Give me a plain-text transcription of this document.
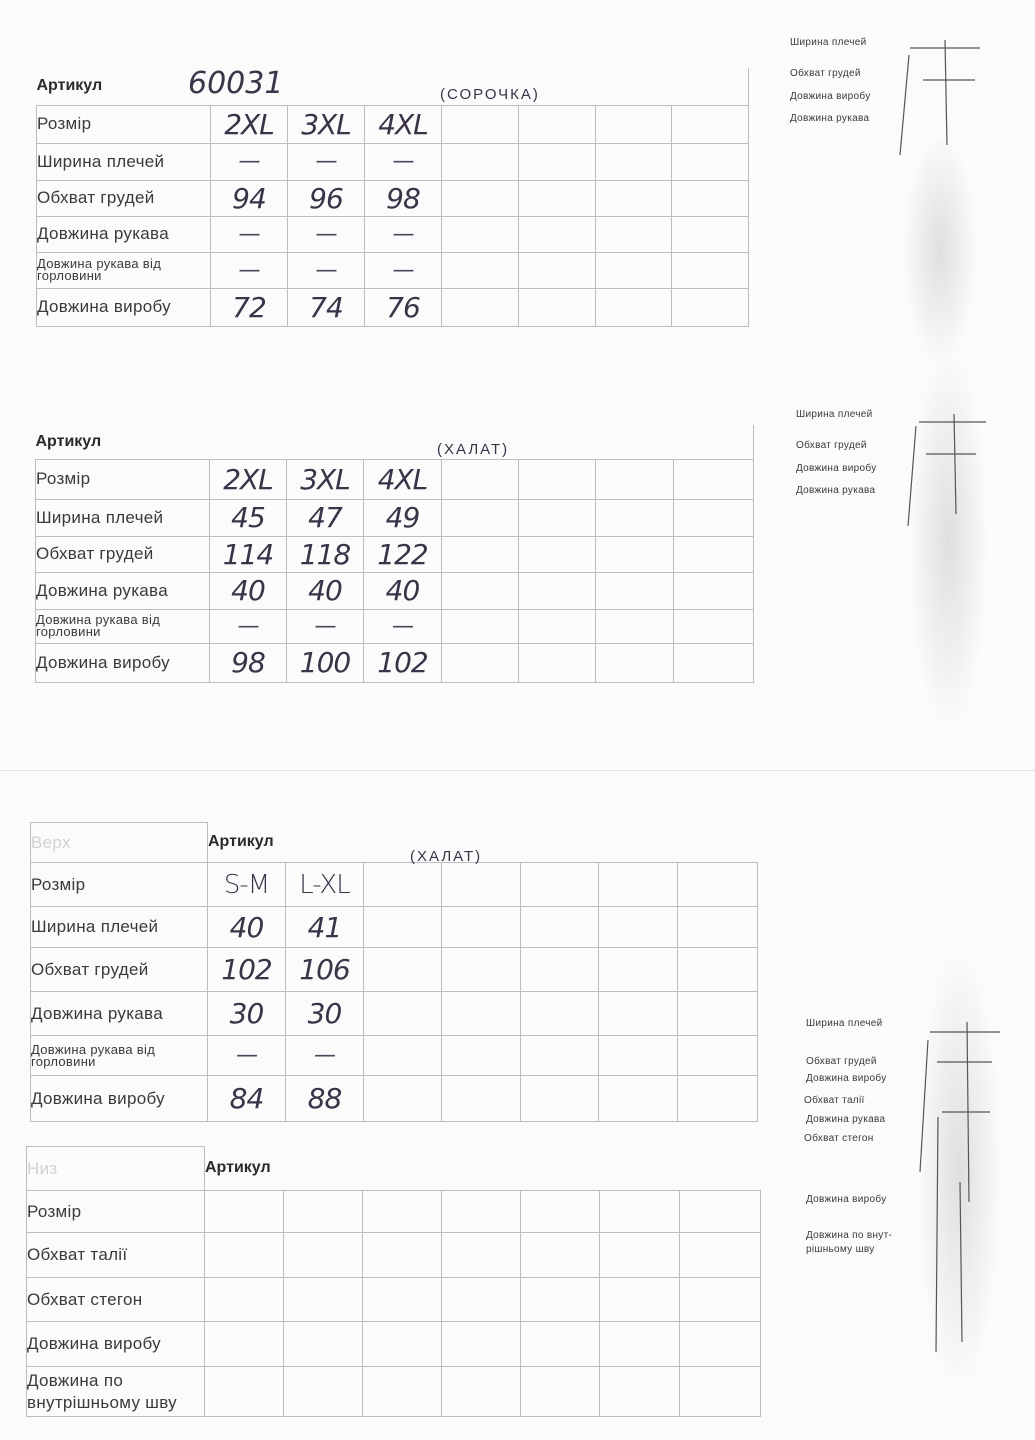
Артикул							
Розмір	2XL	3XL	4XL				
Ширина плечей	—	—	—				
Обхват грудей	94	96	98				
Довжина рукава	—	—	—				
Довжина рукава від горловини	—	—	—				
Довжина виробу	72	74	76				
60031	(СОРОЧКА)
Ширина плечей
Обхват грудей
Довжина виробу
Довжина рукава
Артикул							
Розмір	2XL	3XL	4XL				
Ширина плечей	45	47	49				
Обхват грудей	114	118	122				
Довжина рукава	40	40	40				
Довжина рукава від горловини	—	—	—				
Довжина виробу	98	100	102				
(ХАЛАТ)
Ширина плечей
Обхват грудей
Довжина виробу
Довжина рукава
Верх	Артикул						
Розмір	S-M	L-XL					
Ширина плечей	40	41					
Обхват грудей	102	106					
Довжина рукава	30	30					
Довжина рукава від горловини	—	—					
Довжина виробу	84	88					
(ХАЛАТ)
Низ	Артикул						
Розмір							
Обхват талії							
Обхват стегон							
Довжина виробу							
Довжина по внутрішньому шву							
Ширина плечей
Обхват грудей
Довжина виробу
Обхват талії
Довжина рукава
Обхват стегон
Довжина виробу
Довжина по внут-
рішньому шву
